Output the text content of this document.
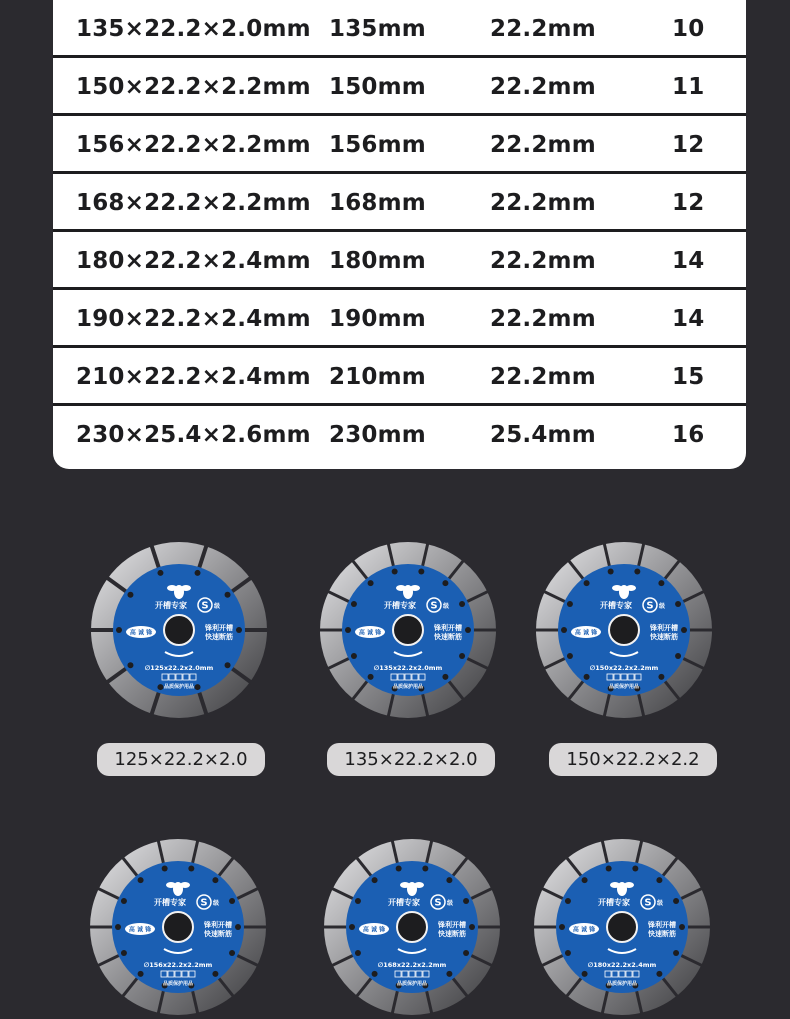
135×22.2×2.0mm 135mm	22.2mm	10
150×22.2×2.2mm 150mm	22.2mm	11
156×22.2×2.2mm 156mm	22.2mm	12
168×22.2×2.2mm 168mm	22.2mm	12
180×22.2×2.4mm 180mm	22.2mm	14
190×22.2×2.4mm 190mm	22.2mm	14
210×22.2×2.4mm 210mm	22.2mm	15
230×25.4×2.6mm 230mm	25.4mm	16
开槽专家 S 级
锋利开槽
快速断筋
高 诚 锋
∅125x22.2x2.0mm
品质保护用品
125×22.2×2.0
开槽专家 S 级
锋利开槽
快速断筋
高 诚 锋
∅135x22.2x2.0mm
品质保护用品
135×22.2×2.0
开槽专家 S 级
锋利开槽
快速断筋
高 诚 锋
∅150x22.2x2.2mm
品质保护用品
150×22.2×2.2
开槽专家 S 级
锋利开槽
快速断筋
高 诚 锋
∅156x22.2x2.2mm
品质保护用品
开槽专家 S 级
锋利开槽
快速断筋
高 诚 锋
∅168x22.2x2.2mm
品质保护用品
开槽专家 S 级
锋利开槽
快速断筋
高 诚 锋
∅180x22.2x2.4mm
品质保护用品
